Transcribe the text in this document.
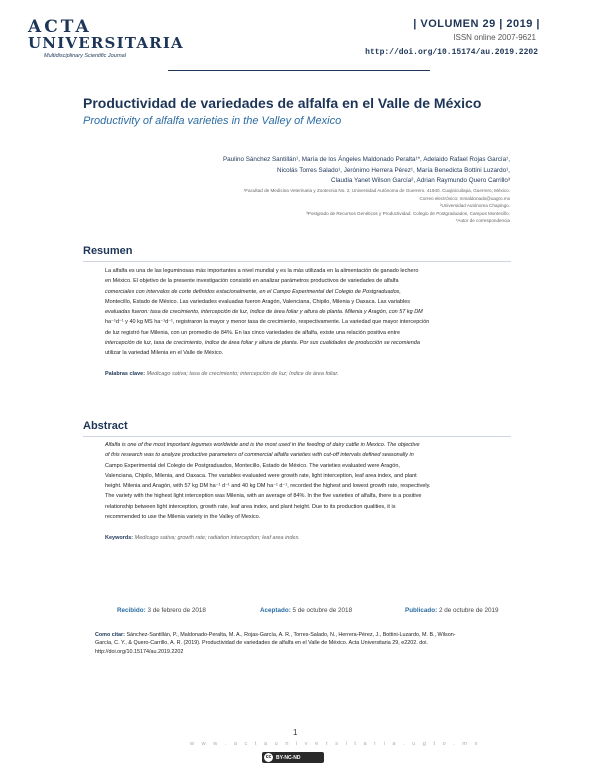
ACTA
UNIVERSITARIA
Multidisciplinary Scientific Journal
| VOLUMEN 29 | 2019 |
ISSN online 2007-9621
http://doi.org/10.15174/au.2019.2202
Productividad de variedades de alfalfa en el Valle de México
Productivity of alfalfa varieties in the Valley of Mexico
Paulino Sánchez Santillán¹, María de los Ángeles Maldonado Peralta¹*, Adelaido Rafael Rojas García¹,
Nicolás Torres Salado¹, Jerónimo Herrera Pérez¹, María Benedicta Bottini Luzardo¹,
Claudia Yanet Wilson García², Adrian Raymundo Quero Carrillo³
¹Facultad de Medicina Veterinaria y Zootecnia No. 2, Universidad Autónoma de Guerrero. 41940. Cuajinicuilapa, Guerrero, México.
Correo electrónico: mmaldonado@uagro.mx
²Universidad Autónoma Chapingo.
³Postgrado de Recursos Genéticos y Productividad. Colegio de Postgraduados, Campus Montecillo.
*Autor de correspondencia
Resumen
La alfalfa es una de las leguminosas más importantes a nivel mundial y es la más utilizada en la alimentación de ganado lechero
en México. El objetivo de la presente investigación consistió en analizar parámetros productivos de variedades de alfalfa
comerciales con intervalos de corte definidos estacionalmente, en el Campo Experimental del Colegio de Postgraduados,
Montecillo, Estado de México. Las variedades evaluadas fueron Aragón, Valenciana, Chipilo, Milenia y Oaxaca. Las variables
evaluadas fueron: tasa de crecimiento, intercepción de luz, índice de área foliar y altura de planta. Milenia y Aragón, con 57 kg DM
ha⁻¹d⁻¹ y 40 kg MS ha⁻¹d⁻¹, registraron la mayor y menor tasa de crecimiento, respectivamente. La variedad que mayor intercepción
de luz registró fue Milenia, con un promedio de 84%. En las cinco variedades de alfalfa, existe una relación positiva entre
intercepción de luz, tasa de crecimiento, índice de área foliar y altura de planta. Por sus cualidades de producción se recomienda
utilizar la variedad Milenia en el Valle de México.
Palabras clave: Medicago sativa; tasa de crecimiento; intercepción de luz; índice de área foliar.
Abstract
Alfalfa is one of the most important legumes worldwide and is the most used in the feeding of dairy cattle in Mexico. The objective
of this research was to analyze productive parameters of commercial alfalfa varieties with cut-off intervals defined seasonally in
Campo Experimental del Colegio de Postgraduados, Montecillo, Estado de México. The varieties evaluated were Aragón,
Valenciana, Chipilo, Milenia, and Oaxaca. The variables evaluated were growth rate, light interception, leaf area index, and plant
height. Milenia and Aragón, with 57 kg DM ha⁻¹ d⁻¹ and 40 kg DM ha⁻¹ d⁻¹, recorded the highest and lowest growth rate, respectively.
The variety with the highest light interception was Milenia, with an average of 84%. In the five varieties of alfalfa, there is a positive
relationship between light interception, growth rate, leaf area index, and plant height. Due to its production qualities, it is
recommended to use the Milenia variety in the Valley of Mexico.
Keywords: Medicago sativa; growth rate; radiation interception; leaf area index.
Recibido: 3 de febrero de 2018	Aceptado: 5 de octubre de 2018	Publicado: 2 de octubre de 2019
Como citar: Sánchez-Santillán, P., Maldonado-Peralta, M. A., Rojas-García, A. R., Torres-Salado, N., Herrera-Pérez, J., Bottini-Luzardo, M. B., Wilson-
García, C. Y., & Quero-Carrillo, A. R. (2019). Productividad de variedades de alfalfa en el Valle de México. Acta Universitaria 29, e2202. doi.
http://doi.org/10.15174/au.2019.2202
1
w w w . a c t a u n i v e r s i t a r i a . u g t o . m x
cc BY-NC-ND
